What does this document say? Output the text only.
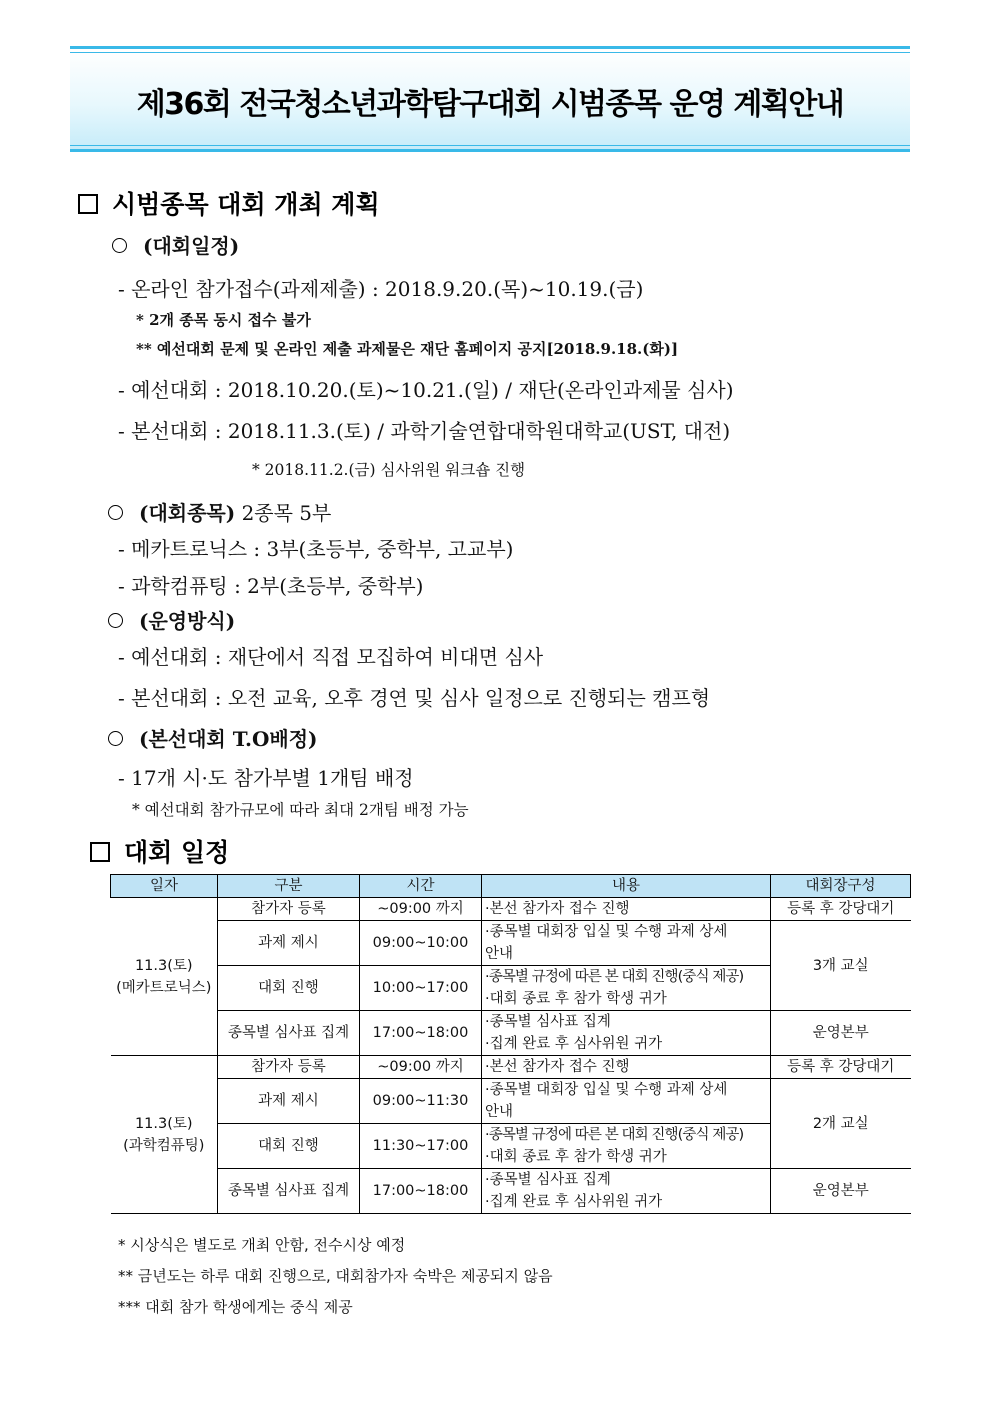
제36회 전국청소년과학탐구대회 시범종목 운영 계획안내
시범종목 대회 개최 계획
(대회일정)
- 온라인 참가접수(과제제출) : 2018.9.20.(목)~10.19.(금)
* 2개 종목 동시 접수 불가
** 예선대회 문제 및 온라인 제출 과제물은 재단 홈페이지 공지[2018.9.18.(화)]
- 예선대회 : 2018.10.20.(토)~10.21.(일) / 재단(온라인과제물 심사)
- 본선대회 : 2018.11.3.(토) / 과학기술연합대학원대학교(UST, 대전)
* 2018.11.2.(금) 심사위원 워크숍 진행
(대회종목) 2종목 5부
- 메카트로닉스 : 3부(초등부, 중학부, 고교부)
- 과학컴퓨팅 : 2부(초등부, 중학부)
(운영방식)
- 예선대회 : 재단에서 직접 모집하여 비대면 심사
- 본선대회 : 오전 교육, 오후 경연 및 심사 일정으로 진행되는 캠프형
(본선대회 T.O배정)
- 17개 시·도 참가부별 1개팀 배정
* 예선대회 참가규모에 따라 최대 2개팀 배정 가능
대회 일정
일자	구분	시간	내용	대회장구성

11.3(토)
(메카트로닉스)	참가자 등록	~09:00 까지	·본선 참가자 접수 진행	등록 후 강당대기
	과제 제시	09:00~10:00	·종목별 대회장 입실 및 수행 과제 상세
안내	3개 교실
	대회 진행	10:00~17:00	·종목별 규정에 따른 본 대회 진행(중식 제공)
·대회 종료 후 참가 학생 귀가	

	종목별 심사표 집계	17:00~18:00	·종목별 심사표 집계
·집계 완료 후 심사위원 귀가	운영본부

11.3(토)
(과학컴퓨팅)	참가자 등록	~09:00 까지	·본선 참가자 접수 진행	등록 후 강당대기
	과제 제시	09:00~11:30	·종목별 대회장 입실 및 수행 과제 상세
안내	2개 교실
	대회 진행	11:30~17:00	·종목별 규정에 따른 본 대회 진행(중식 제공)
·대회 종료 후 참가 학생 귀가	

	종목별 심사표 집계	17:00~18:00	·종목별 심사표 집계
·집계 완료 후 심사위원 귀가	운영본부
* 시상식은 별도로 개최 안함, 전수시상 예정
** 금년도는 하루 대회 진행으로, 대회참가자 숙박은 제공되지 않음
*** 대회 참가 학생에게는 중식 제공
